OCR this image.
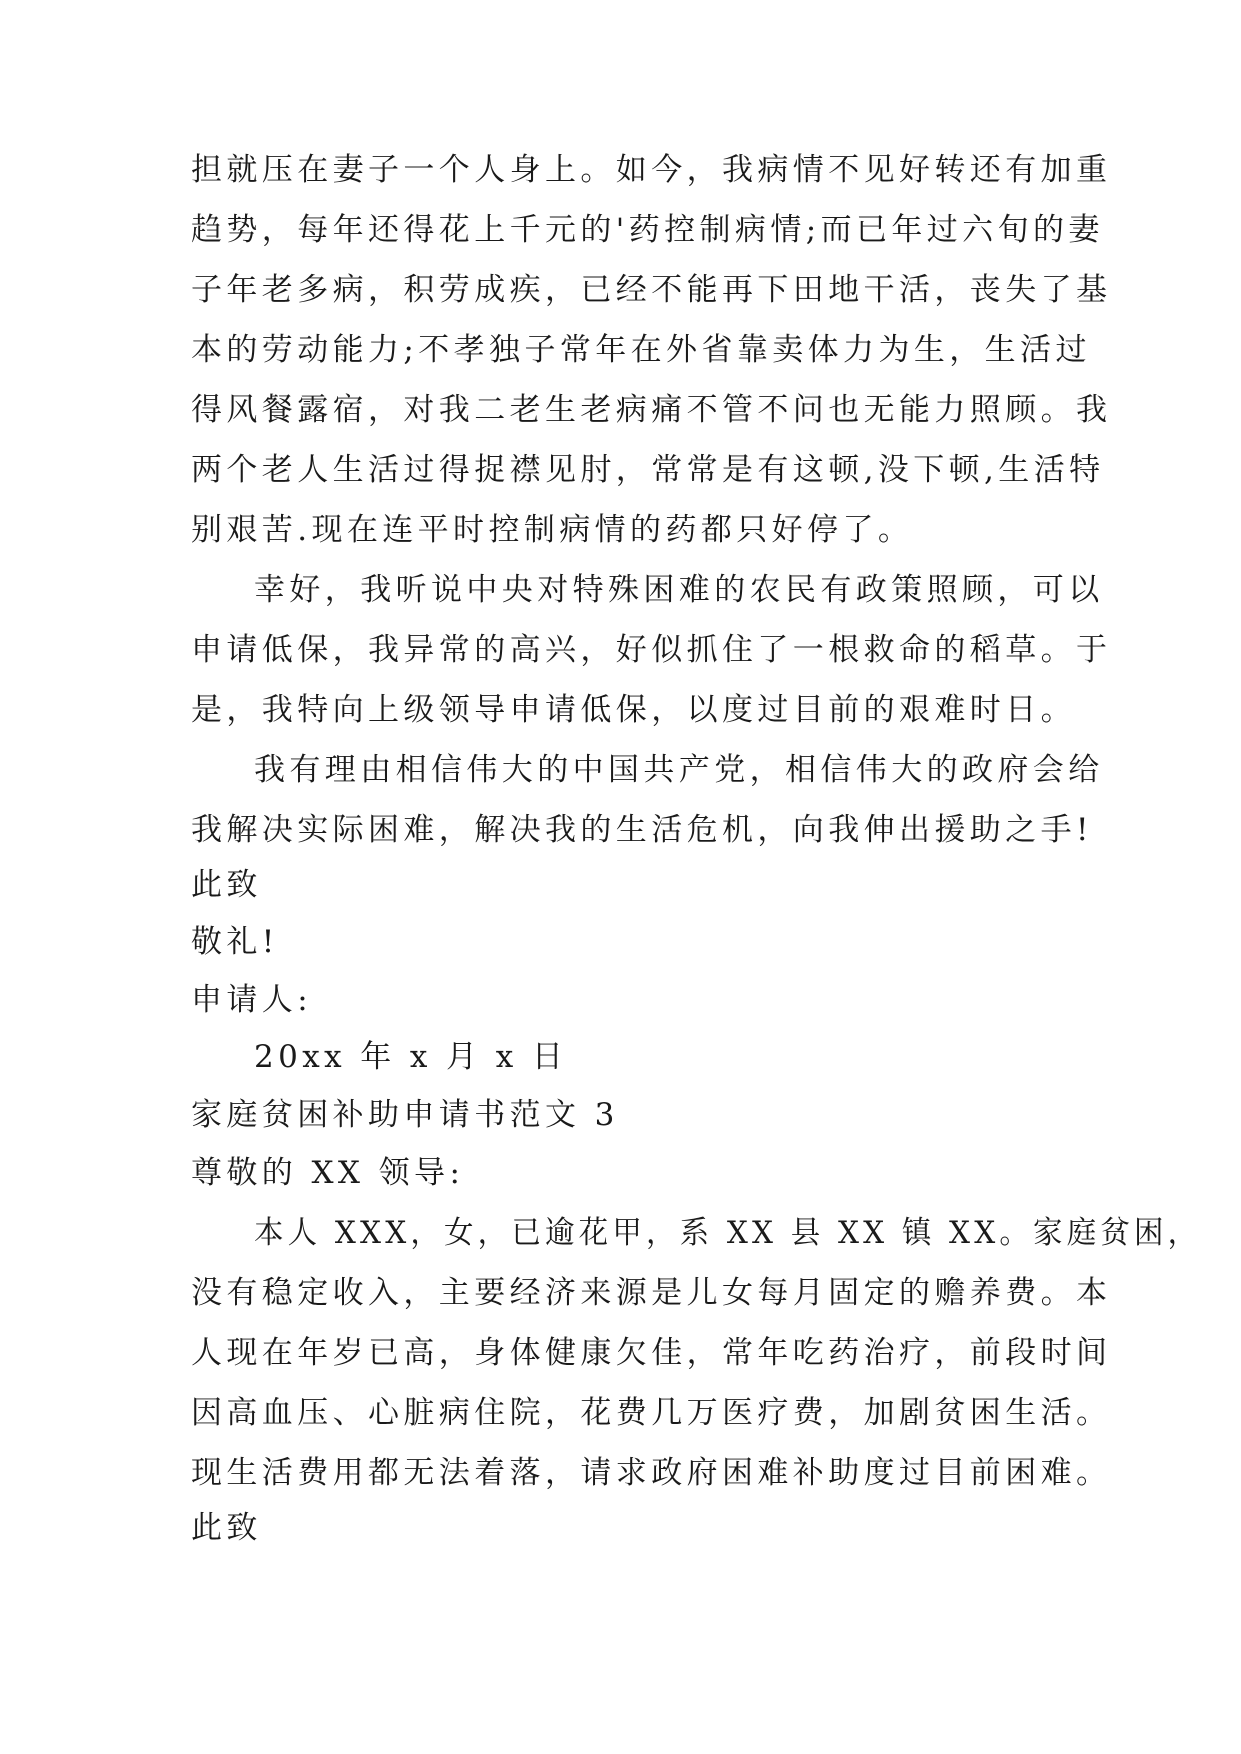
担就压在妻子一个人身上。如今，我病情不见好转还有加重
趋势，每年还得花上千元的'药控制病情;而已年过六旬的妻
子年老多病，积劳成疾，已经不能再下田地干活，丧失了基
本的劳动能力;不孝独子常年在外省靠卖体力为生，生活过
得风餐露宿，对我二老生老病痛不管不问也无能力照顾。我
两个老人生活过得捉襟见肘，常常是有这顿,没下顿,生活特
别艰苦.现在连平时控制病情的药都只好停了。
幸好，我听说中央对特殊困难的农民有政策照顾，可以
申请低保，我异常的高兴，好似抓住了一根救命的稻草。于
是，我特向上级领导申请低保，以度过目前的艰难时日。
我有理由相信伟大的中国共产党，相信伟大的政府会给
我解决实际困难，解决我的生活危机，向我伸出援助之手!
此致
敬礼!
申请人:
20xx 年 x 月 x 日
家庭贫困补助申请书范文 3
尊敬的 XX 领导:
本人 XXX，女，已逾花甲，系 XX 县 XX 镇 XX。家庭贫困，
没有稳定收入，主要经济来源是儿女每月固定的赡养费。本
人现在年岁已高，身体健康欠佳，常年吃药治疗，前段时间
因高血压、心脏病住院，花费几万医疗费，加剧贫困生活。
现生活费用都无法着落，请求政府困难补助度过目前困难。
此致
